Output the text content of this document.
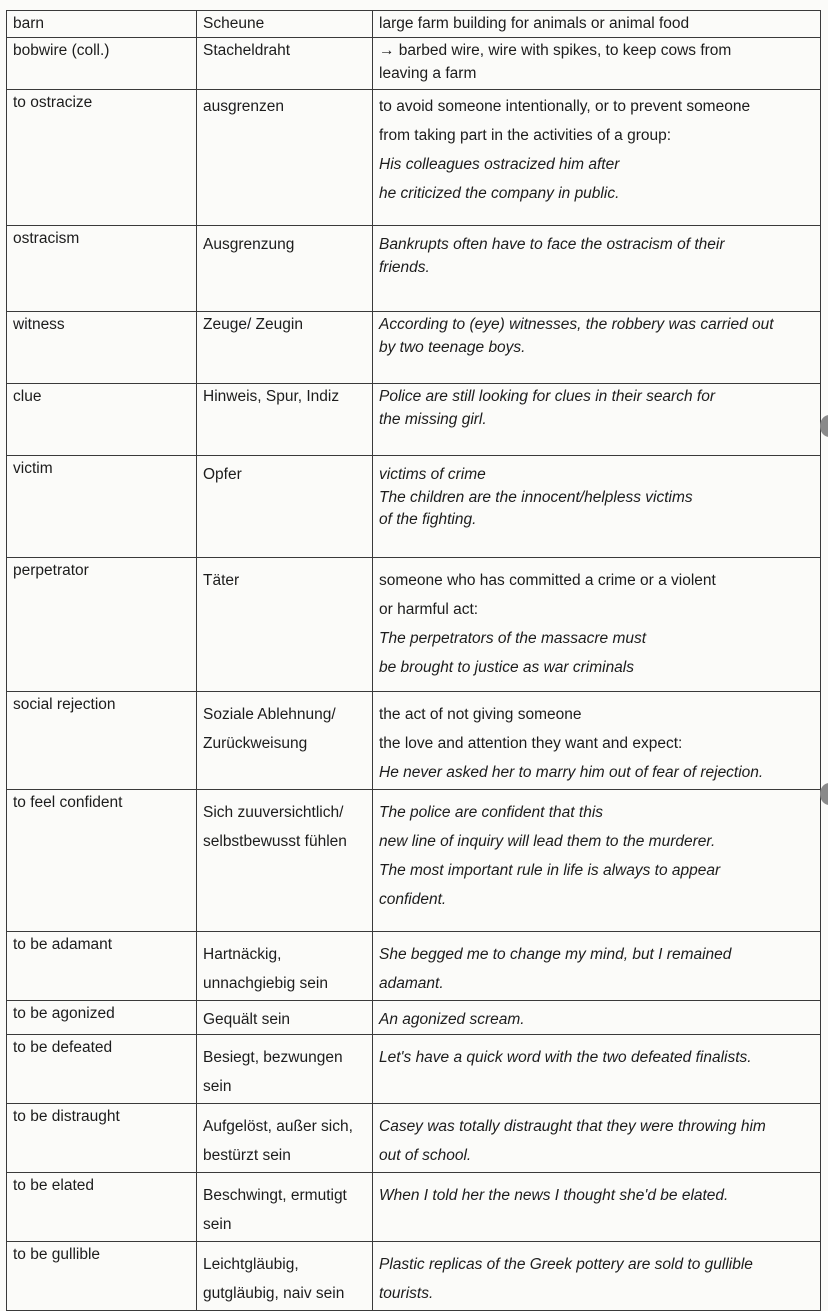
barn	Scheune	large farm building for animals or animal food

bobwire (coll.)	Stacheldraht	→ barbed wire, wire with spikes, to keep cows from
leaving a farm

to ostracize	ausgrenzen	to avoid someone intentionally, or to prevent someone
from taking part in the activities of a group:
His colleagues ostracized him after
he criticized the company in public.

ostracism	Ausgrenzung	Bankrupts often have to face the ostracism of their
friends.

witness	Zeuge/ Zeugin	According to (eye) witnesses, the robbery was carried out
by two teenage boys.

clue	Hinweis, Spur, Indiz	Police are still looking for clues in their search for
the missing girl.

victim	Opfer	victims of crime
The children are the innocent/helpless victims
of the fighting.

perpetrator	Täter	someone who has committed a crime or a violent
or harmful act:
The perpetrators of the massacre must
be brought to justice as war criminals

social rejection	Soziale Ablehnung/
Zurückweisung	the act of not giving someone
the love and attention they want and expect:
He never asked her to marry him out of fear of rejection.

to feel confident	Sich zuuversichtlich/
selbstbewusst fühlen	The police are confident that this
new line of inquiry will lead them to the murderer.
The most important rule in life is always to appear
confident.

to be adamant	Hartnäckig,
unnachgiebig sein	She begged me to change my mind, but I remained
adamant.

to be agonized	Gequält sein	An agonized scream.

to be defeated	Besiegt, bezwungen
sein	Let's have a quick word with the two defeated finalists.

to be distraught	Aufgelöst, außer sich,
bestürzt sein	Casey was totally distraught that they were throwing him
out of school.

to be elated	Beschwingt, ermutigt
sein	When I told her the news I thought she'd be elated.

to be gullible	Leichtgläubig,
gutgläubig, naiv sein	Plastic replicas of the Greek pottery are sold to gullible
tourists.
